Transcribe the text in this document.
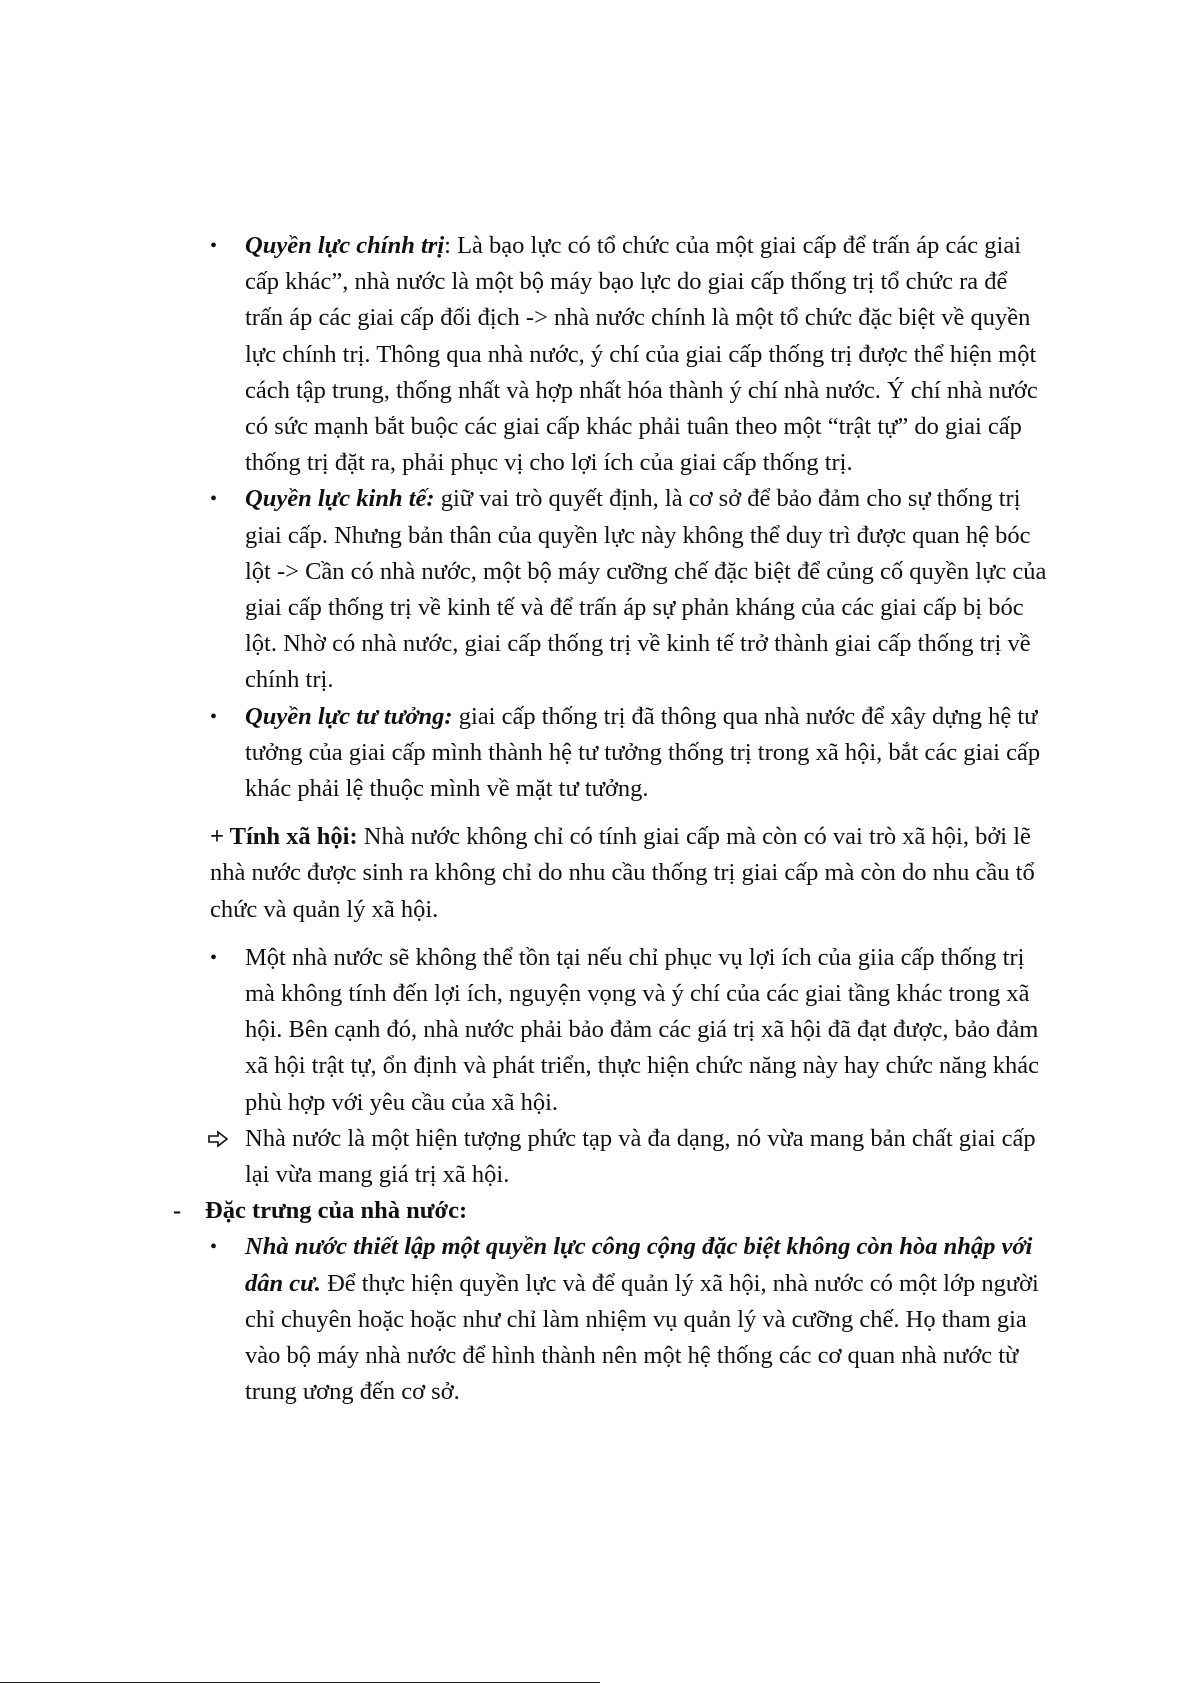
• Quyền lực chính trị: Là bạo lực có tổ chức của một giai cấp để trấn áp các giai cấp khác”, nhà nước là một bộ máy bạo lực do giai cấp thống trị tổ chức ra để trấn áp các giai cấp đối địch -> nhà nước chính là một tổ chức đặc biệt về quyền lực chính trị. Thông qua nhà nước, ý chí của giai cấp thống trị được thể hiện một cách tập trung, thống nhất và hợp nhất hóa thành ý chí nhà nước. Ý chí nhà nước có sức mạnh bắt buộc các giai cấp khác phải tuân theo một “trật tự” do giai cấp thống trị đặt ra, phải phục vị cho lợi ích của giai cấp thống trị.
• Quyền lực kinh tế: giữ vai trò quyết định, là cơ sở để bảo đảm cho sự thống trị giai cấp. Nhưng bản thân của quyền lực này không thể duy trì được quan hệ bóc lột -> Cần có nhà nước, một bộ máy cưỡng chế đặc biệt để củng cố quyền lực của giai cấp thống trị về kinh tế và để trấn áp sự phản kháng của các giai cấp bị bóc lột. Nhờ có nhà nước, giai cấp thống trị về kinh tế trở thành giai cấp thống trị về chính trị.
• Quyền lực tư tưởng: giai cấp thống trị đã thông qua nhà nước để xây dựng hệ tư tưởng của giai cấp mình thành hệ tư tưởng thống trị trong xã hội, bắt các giai cấp khác phải lệ thuộc mình về mặt tư tưởng.
+ Tính xã hội: Nhà nước không chỉ có tính giai cấp mà còn có vai trò xã hội, bởi lẽ nhà nước được sinh ra không chỉ do nhu cầu thống trị giai cấp mà còn do nhu cầu tổ chức và quản lý xã hội.
• Một nhà nước sẽ không thể tồn tại nếu chỉ phục vụ lợi ích của giia cấp thống trị mà không tính đến lợi ích, nguyện vọng và ý chí của các giai tầng khác trong xã hội. Bên cạnh đó, nhà nước phải bảo đảm các giá trị xã hội đã đạt được, bảo đảm xã hội trật tự, ổn định và phát triển, thực hiện chức năng này hay chức năng khác phù hợp với yêu cầu của xã hội.
Nhà nước là một hiện tượng phức tạp và đa dạng, nó vừa mang bản chất giai cấp lại vừa mang giá trị xã hội.
- Đặc trưng của nhà nước:
• Nhà nước thiết lập một quyền lực công cộng đặc biệt không còn hòa nhập với dân cư. Để thực hiện quyền lực và để quản lý xã hội, nhà nước có một lớp người chỉ chuyên hoặc hoặc như chỉ làm nhiệm vụ quản lý và cưỡng chế. Họ tham gia vào bộ máy nhà nước để hình thành nên một hệ thống các cơ quan nhà nước từ trung ương đến cơ sở.
